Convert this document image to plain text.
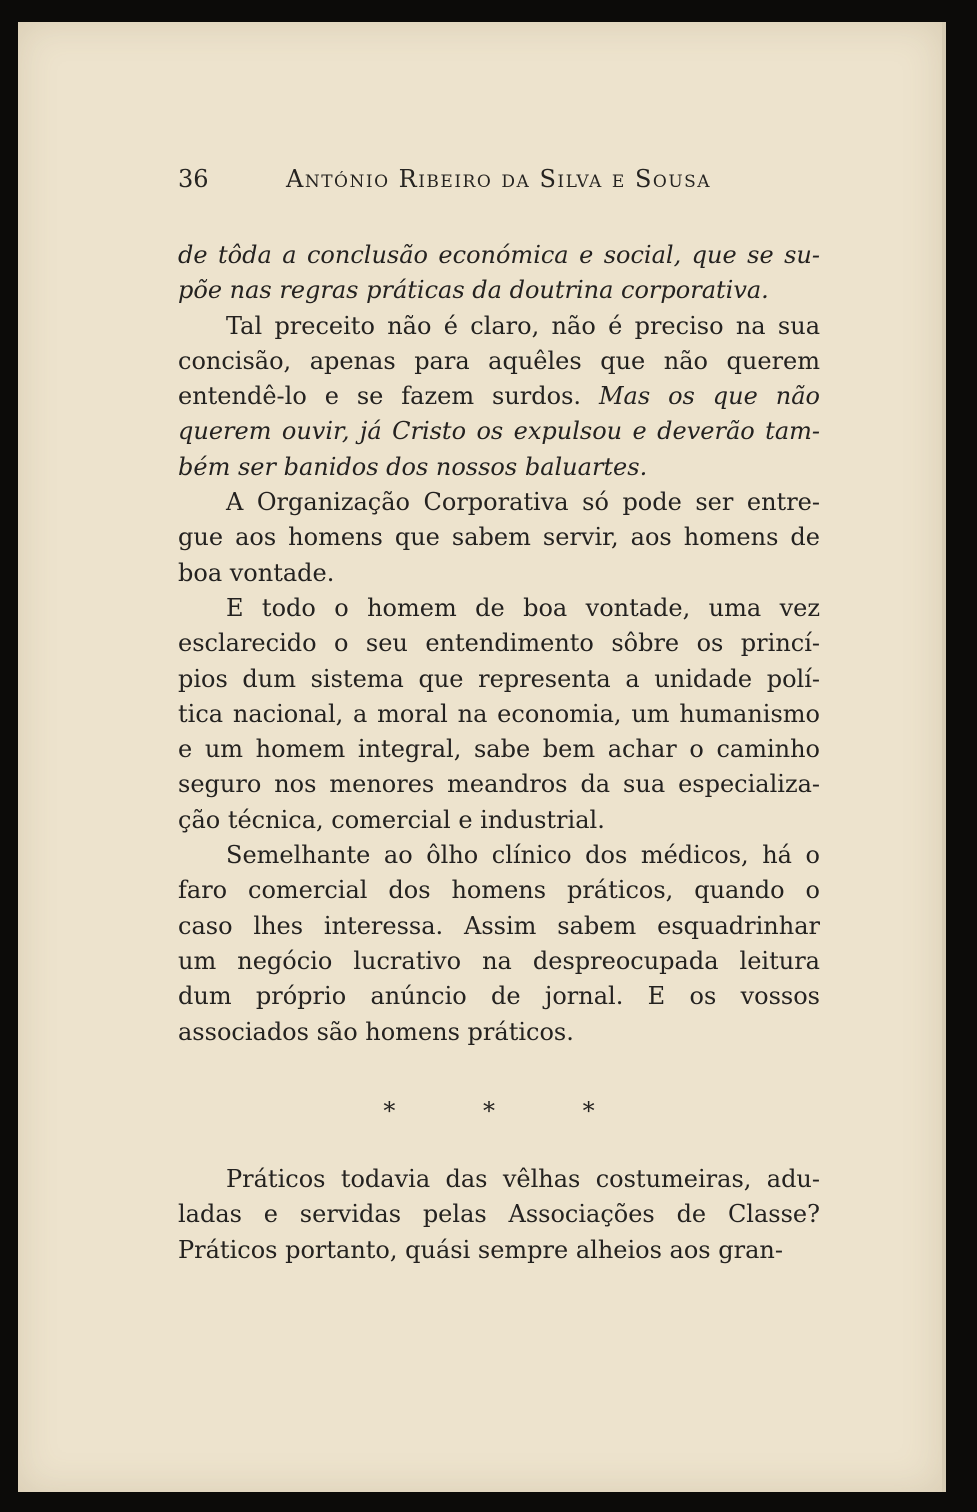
36	António Ribeiro da Silva e Sousa
de tôda a conclusão económica e social, que se su-
põe nas regras práticas da doutrina corporativa.
Tal preceito não é claro, não é preciso na sua
concisão, apenas para aquêles que não querem
entendê-lo e se fazem surdos. Mas os que não
querem ouvir, já Cristo os expulsou e deverão tam-
bém ser banidos dos nossos baluartes.
A Organização Corporativa só pode ser entre-
gue aos homens que sabem servir, aos homens de
boa vontade.
E todo o homem de boa vontade, uma vez
esclarecido o seu entendimento sôbre os princí-
pios dum sistema que representa a unidade polí-
tica nacional, a moral na economia, um humanismo
e um homem integral, sabe bem achar o caminho
seguro nos menores meandros da sua especializa-
ção técnica, comercial e industrial.
Semelhante ao ôlho clínico dos médicos, há o
faro comercial dos homens práticos, quando o
caso lhes interessa. Assim sabem esquadrinhar
um negócio lucrativo na despreocupada leitura
dum próprio anúncio de jornal. E os vossos
associados são homens práticos.
* * *
Práticos todavia das vêlhas costumeiras, adu-
ladas e servidas pelas Associações de Classe?
Práticos portanto, quási sempre alheios aos gran-
